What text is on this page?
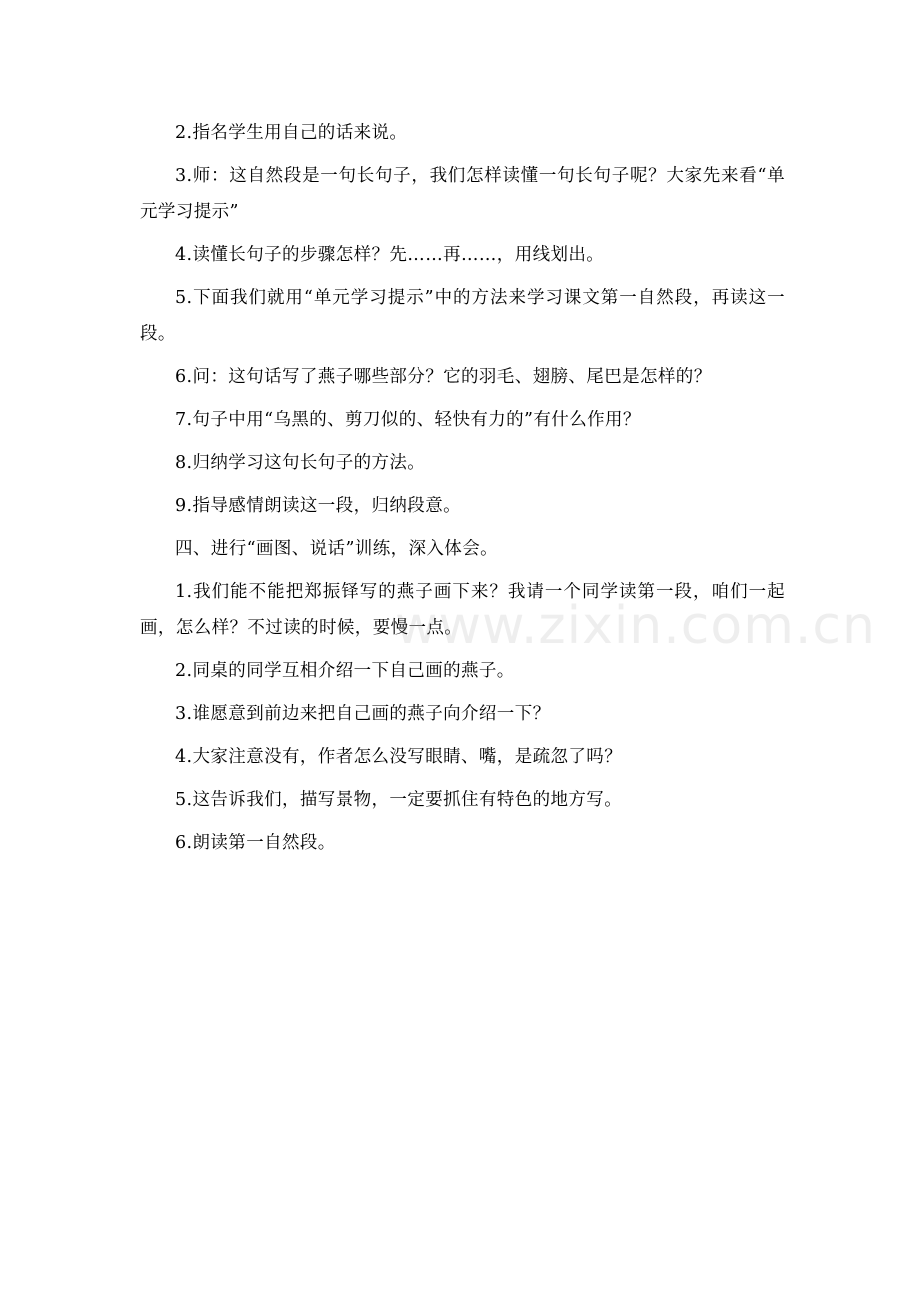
2.指名学生用自己的话来说。

3.师：这自然段是一句长句子，我们怎样读懂一句长句子呢？大家先来看“单元学习提示”

4.读懂长句子的步骤怎样？先……再……，用线划出。

5.下面我们就用“单元学习提示”中的方法来学习课文第一自然段，再读这一段。

6.问：这句话写了燕子哪些部分？它的羽毛、翅膀、尾巴是怎样的？

7.句子中用“乌黑的、剪刀似的、轻快有力的”有什么作用？

8.归纳学习这句长句子的方法。

9.指导感情朗读这一段，归纳段意。

四、进行“画图、说话”训练，深入体会。

1.我们能不能把郑振铎写的燕子画下来？我请一个同学读第一段，咱们一起画，怎么样？不过读的时候，要慢一点。

2.同桌的同学互相介绍一下自己画的燕子。

3.谁愿意到前边来把自己画的燕子向介绍一下？

4.大家注意没有，作者怎么没写眼睛、嘴，是疏忽了吗？

5.这告诉我们，描写景物，一定要抓住有特色的地方写。

6.朗读第一自然段。

www.zixin.com.cn
